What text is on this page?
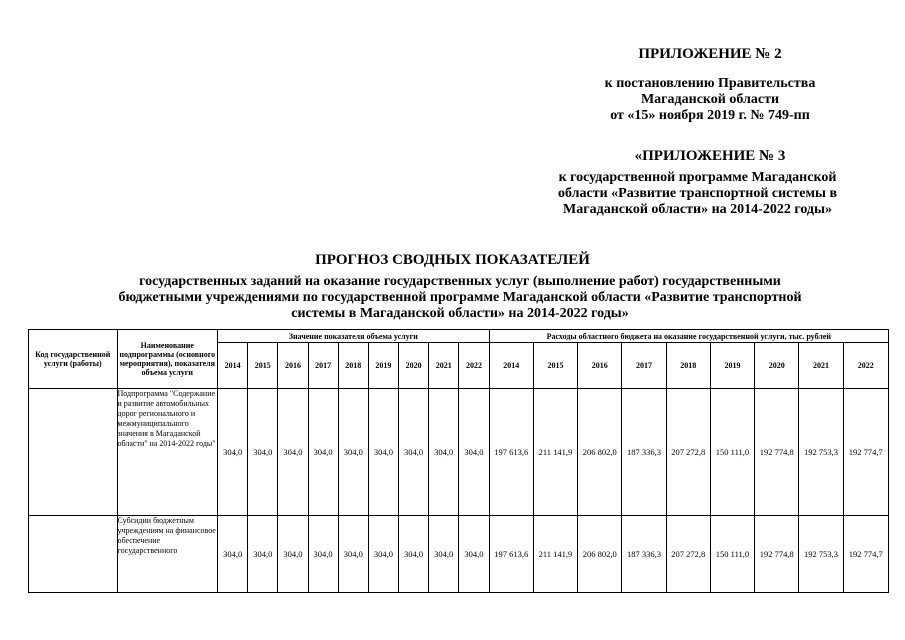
ПРИЛОЖЕНИЕ № 2
к постановлению Правительства
Магаданской области
от «15» ноября 2019 г. № 749-пп
«ПРИЛОЖЕНИЕ № 3
к государственной программе Магаданской
области «Развитие транспортной системы в
Магаданской области» на 2014-2022 годы»
ПРОГНОЗ СВОДНЫХ ПОКАЗАТЕЛЕЙ
государственных заданий на оказание государственных услуг (выполнение работ) государственными
бюджетными учреждениями по государственной программе Магаданской области «Развитие транспортной
системы в Магаданской области» на 2014-2022 годы»
Код государственной услуги (работы)	Наименование подпрограммы (основного мероприятия), показателя объема услуги	Значение показателя объема услуги									Расходы областного бюджета на оказание государственной услуги, тыс. рублей								
		2014	2015	2016	2017	2018	2019	2020	2021	2022	2014	2015	2016	2017	2018	2019	2020	2021	2022
	Подпрограмма "Содержание и развитие автомобильных дорог регионального и межмуниципального значения в Магаданской области" на 2014-2022 годы"	304,0	304,0	304,0	304,0	304,0	304,0	304,0	304,0	304,0	197 613,6	211 141,9	206 802,0	187 336,3	207 272,8	150 111,0	192 774,8	192 753,3	192 774,7
	Субсидии бюджетным учреждениям на финансовое обеспечение государственного	304,0	304,0	304,0	304,0	304,0	304,0	304,0	304,0	304,0	197 613,6	211 141,9	206 802,0	187 336,3	207 272,8	150 111,0	192 774,8	192 753,3	192 774,7
